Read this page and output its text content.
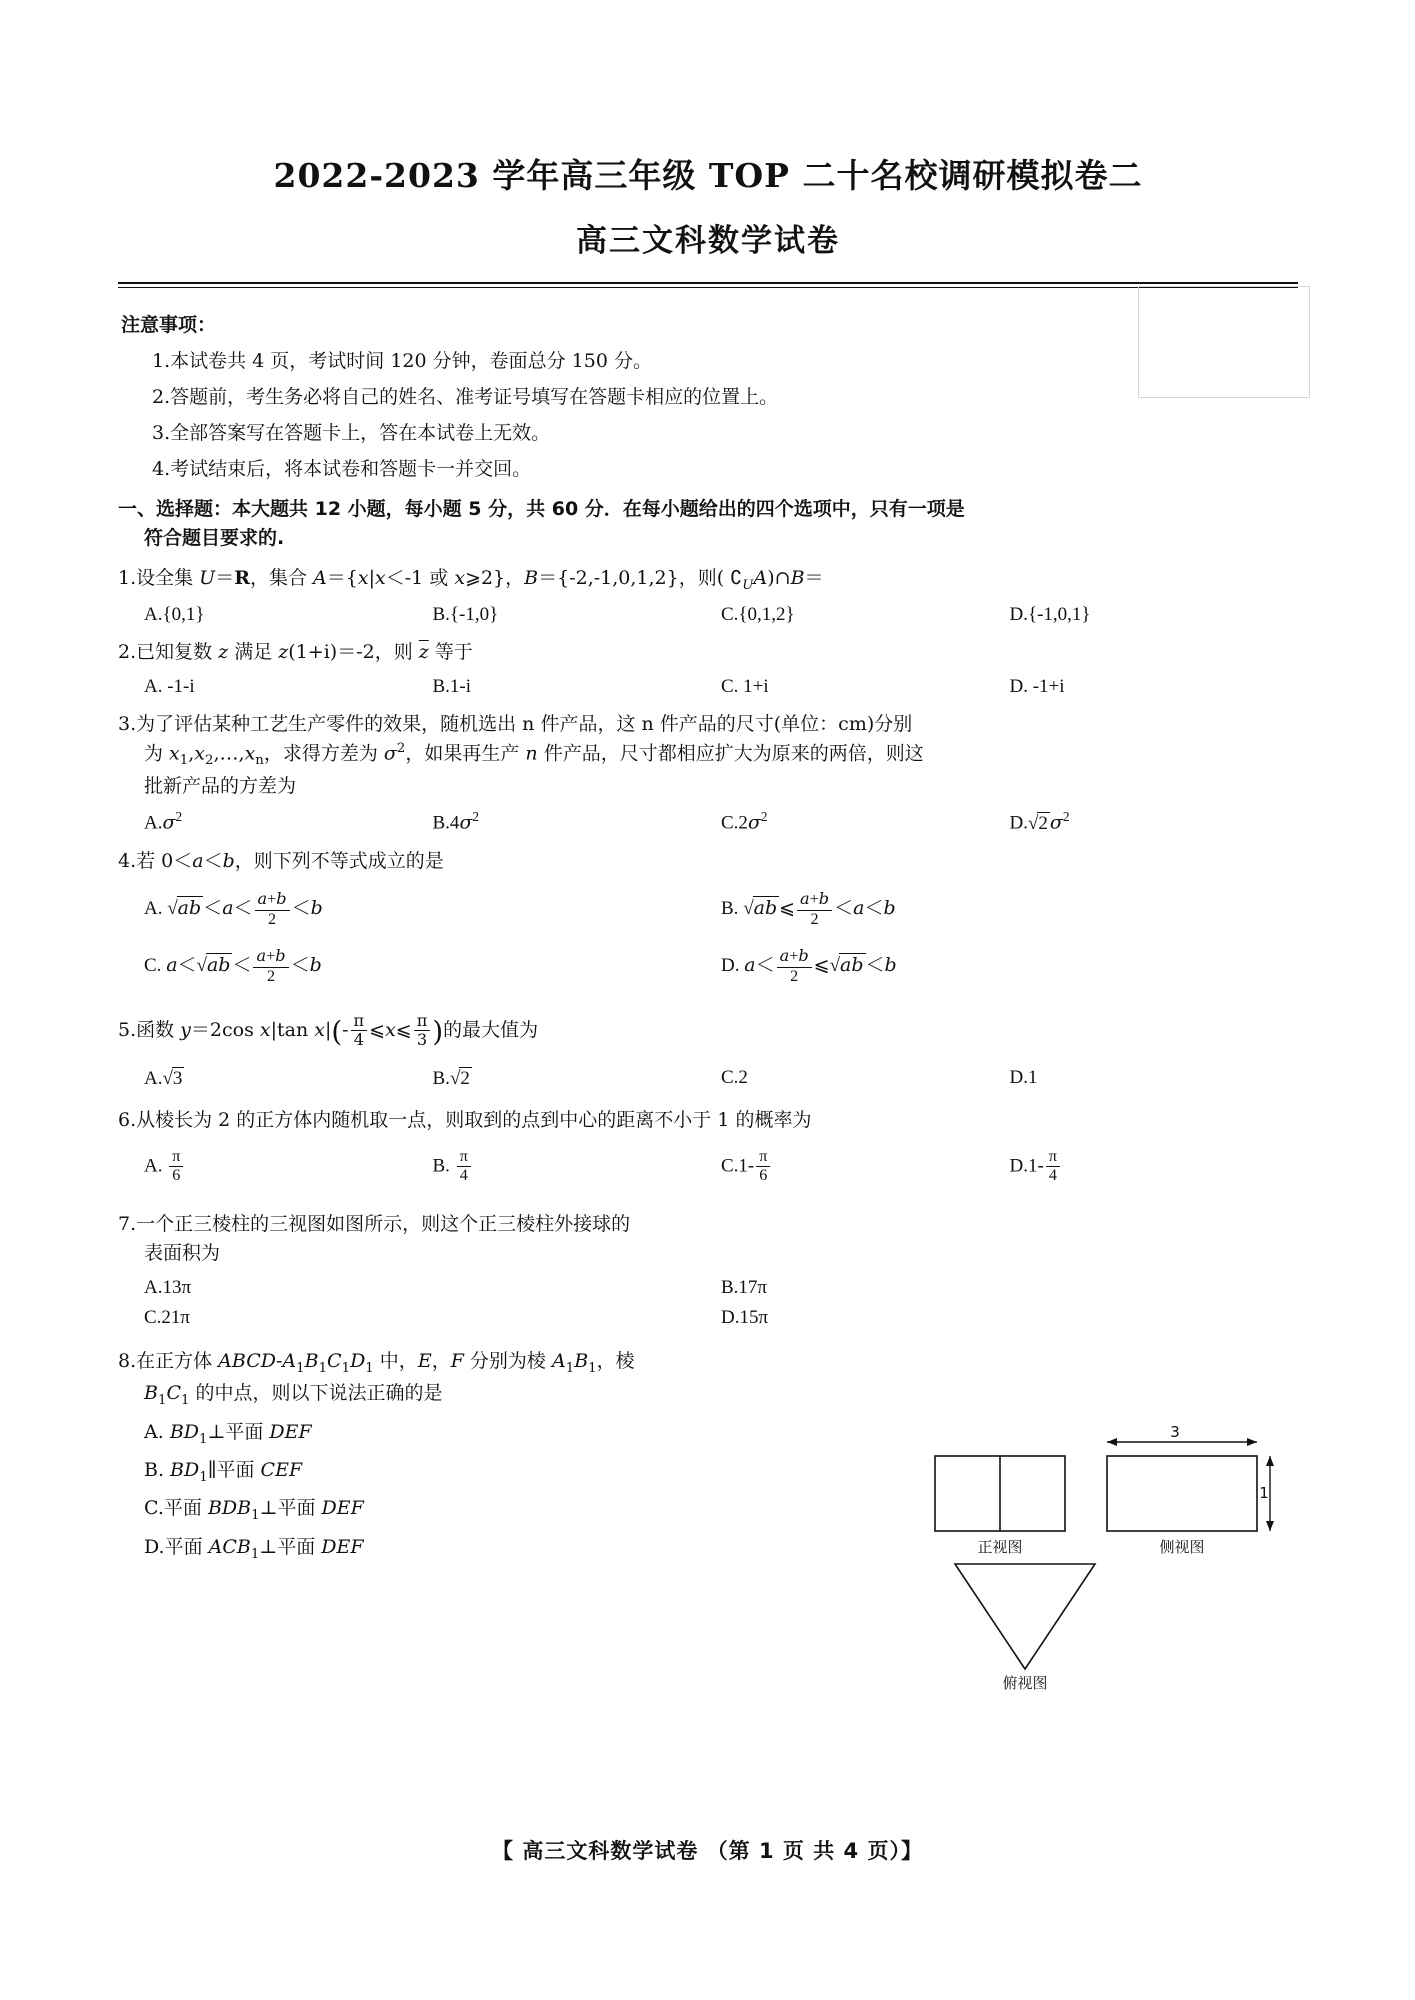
2022-2023 学年高三年级 TOP 二十名校调研模拟卷二
高三文科数学试卷
注意事项：
1.本试卷共 4 页，考试时间 120 分钟，卷面总分 150 分。
2.答题前，考生务必将自己的姓名、准考证号填写在答题卡相应的位置上。
3.全部答案写在答题卡上，答在本试卷上无效。
4.考试结束后，将本试卷和答题卡一并交回。
一、选择题：本大题共 12 小题，每小题 5 分，共 60 分．在每小题给出的四个选项中，只有一项是
符合题目要求的.
1.设全集 U＝R，集合 A＝{x|x＜-1 或 x⩾2}，B＝{-2,-1,0,1,2}，则( $∁_UA)\cap B=$
A.{0,1}	B.{-1,0}	C.{0,1,2}	D.{-1,0,1}
2.已知复数 z 满足 z(1+i)＝-2，则 $\overline{z}$ 等于
A. -1-i	B.1-i	C. 1+i	D. -1+i
3.为了评估某种工艺生产零件的效果，随机选出 n 件产品，这 n 件产品的尺寸(单位：cm)分别
为 $x_1,x_2,\dots,x_n$，求得方差为 $\sigma^2$，如果再生产 n 件产品，尺寸都相应扩大为原来的两倍，则这
批新产品的方差为
$A.\sigma^2$	$B.4\sigma^2$	$C.2\sigma^2$	D. √ 2 $\sigma^2$
4.若 0＜a＜b，则下列不等式成立的是
A. √ ab $<a< \frac{a+b}{2} <b$	B. √ ab ⩽ $\frac{a+b}{2} <a<b$
C. a＜ √ ab ＜ $\frac{a+b}{2} <b$	D. $a< \frac{a+b}{2}$ ⩽ √ ab ＜b
5.函数 y＝2cos x|tan $x|(- \frac{\pi}{4}$ ⩽x⩽ $\frac{\pi}{3}$ )的最大值为
A. √ 3	B. √ 2	C.2	D.1
6.从棱长为 2 的正方体内随机取一点，则取到的点到中心的距离不小于 1 的概率为
A. $\frac{\pi}{6}$	B. $\frac{\pi}{4}$	$C.1- \frac{\pi}{6}$	$D.1- \frac{\pi}{4}$
7.一个正三棱柱的三视图如图所示，则这个正三棱柱外接球的
表面积为
A.13π	B.17π
C.21π	D.15π
8.在正方体 ABCD-$A_1B_1C_1D_1$ 中，E，F 分别为棱 $A_1B_1$，棱
$B_1C_1$ 的中点，则以下说法正确的是
A. $BD_1\perp$平面 DEF
B. $BD_1\parallel$平面 CEF
C.平面 $BDB_1\perp$平面 DEF
D.平面 $ACB_1\perp$平面 DEF
3
1
正视图	侧视图
俯视图
【 高三文科数学试卷 （第 1 页 共 4 页）】
